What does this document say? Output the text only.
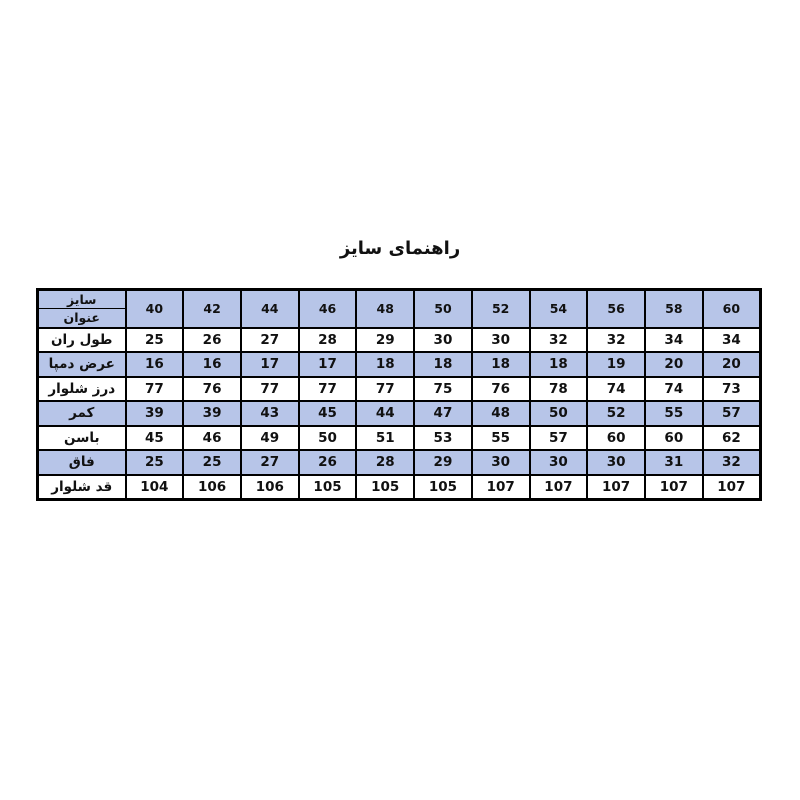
راهنمای سایز
سایز	40	42	44	46	48	50	52	54	56	58	60
عنوان											
طول ران	25	26	27	28	29	30	30	32	32	34	34
عرض دمپا	16	16	17	17	18	18	18	18	19	20	20
درز شلوار	77	76	77	77	77	75	76	78	74	74	73
کمر	39	39	43	45	44	47	48	50	52	55	57
باسن	45	46	49	50	51	53	55	57	60	60	62
فاق	25	25	27	26	28	29	30	30	30	31	32
قد شلوار	104	106	106	105	105	105	107	107	107	107	107
